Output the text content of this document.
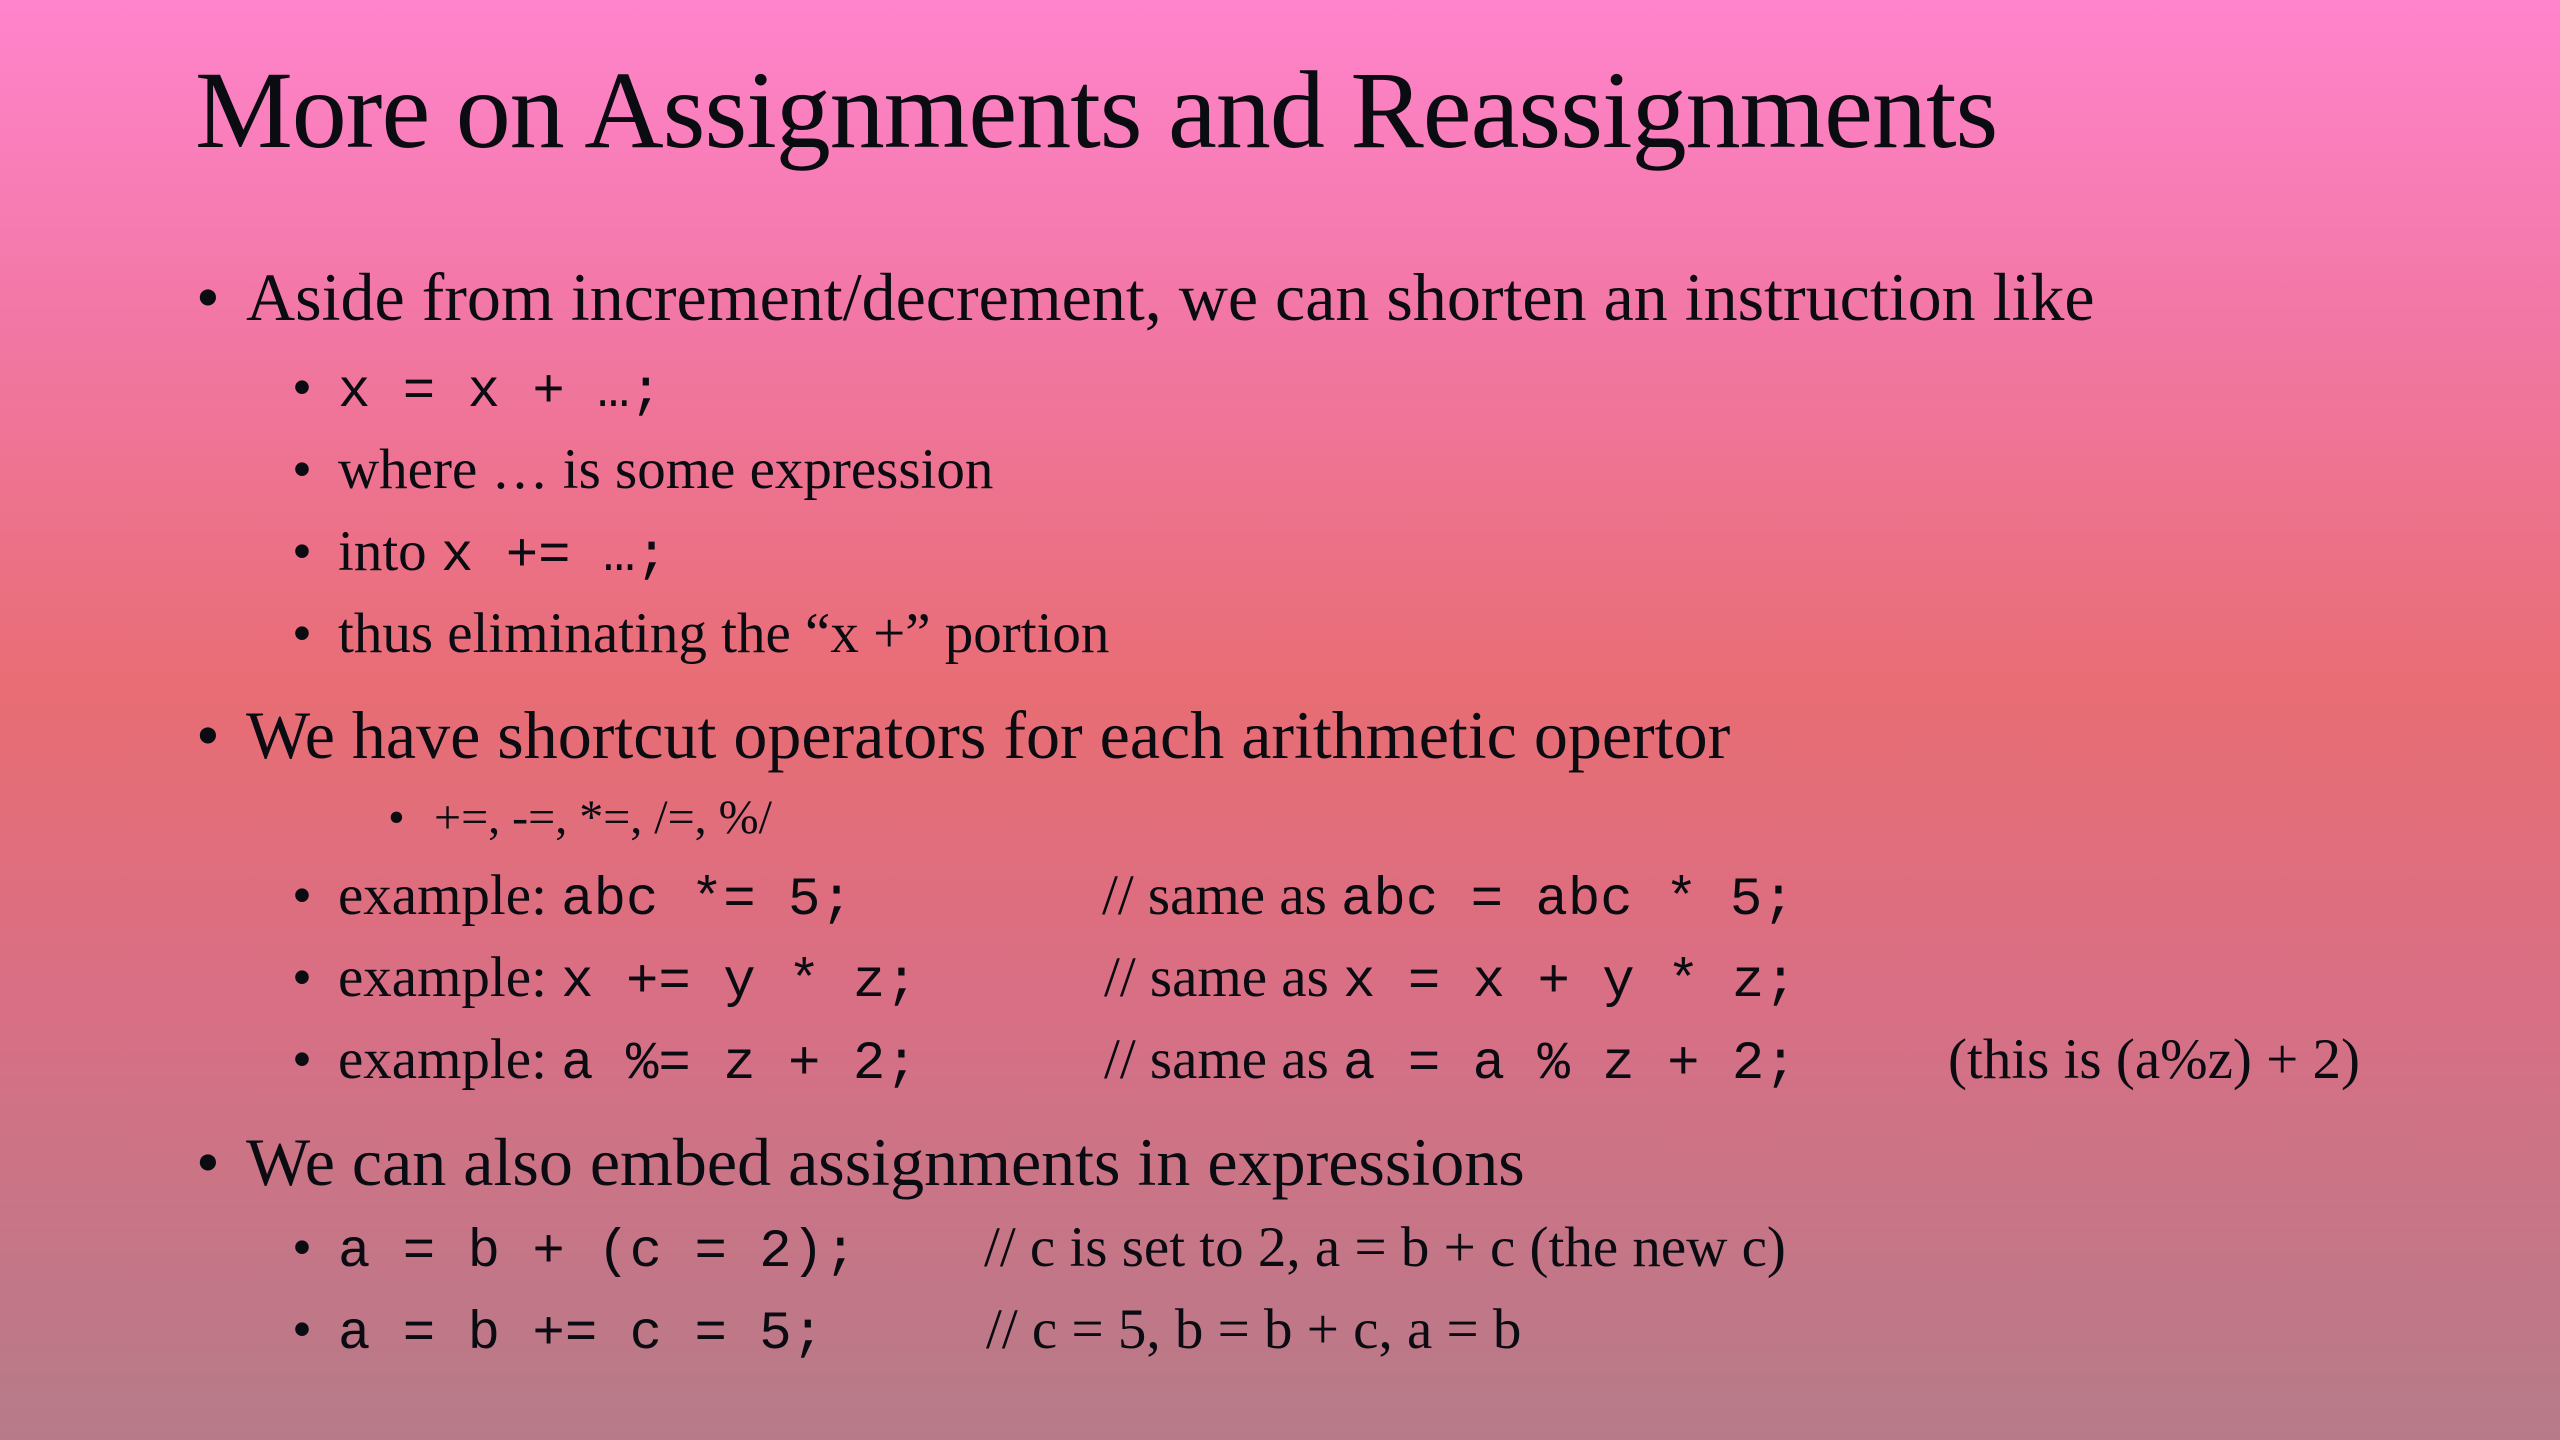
More on Assignments and Reassignments
• Aside from increment/decrement, we can shorten an instruction like
• x = x + …;
• where … is some expression
• into x += …;
• thus eliminating the “x +” portion
• We have shortcut operators for each arithmetic opertor
• +=, -=, *=, /=, %/
• example: abc *= 5;	// same as abc = abc * 5;
• example: x += y * z;	// same as x = x + y * z;
• example: a %= z + 2;	// same as a = a % z + 2;	(this is (a%z) + 2)
• We can also embed assignments in expressions
• a = b + (c = 2); // c is set to 2, a = b + c (the new c)
• a = b += c = 5;	// c = 5, b = b + c, a = b
